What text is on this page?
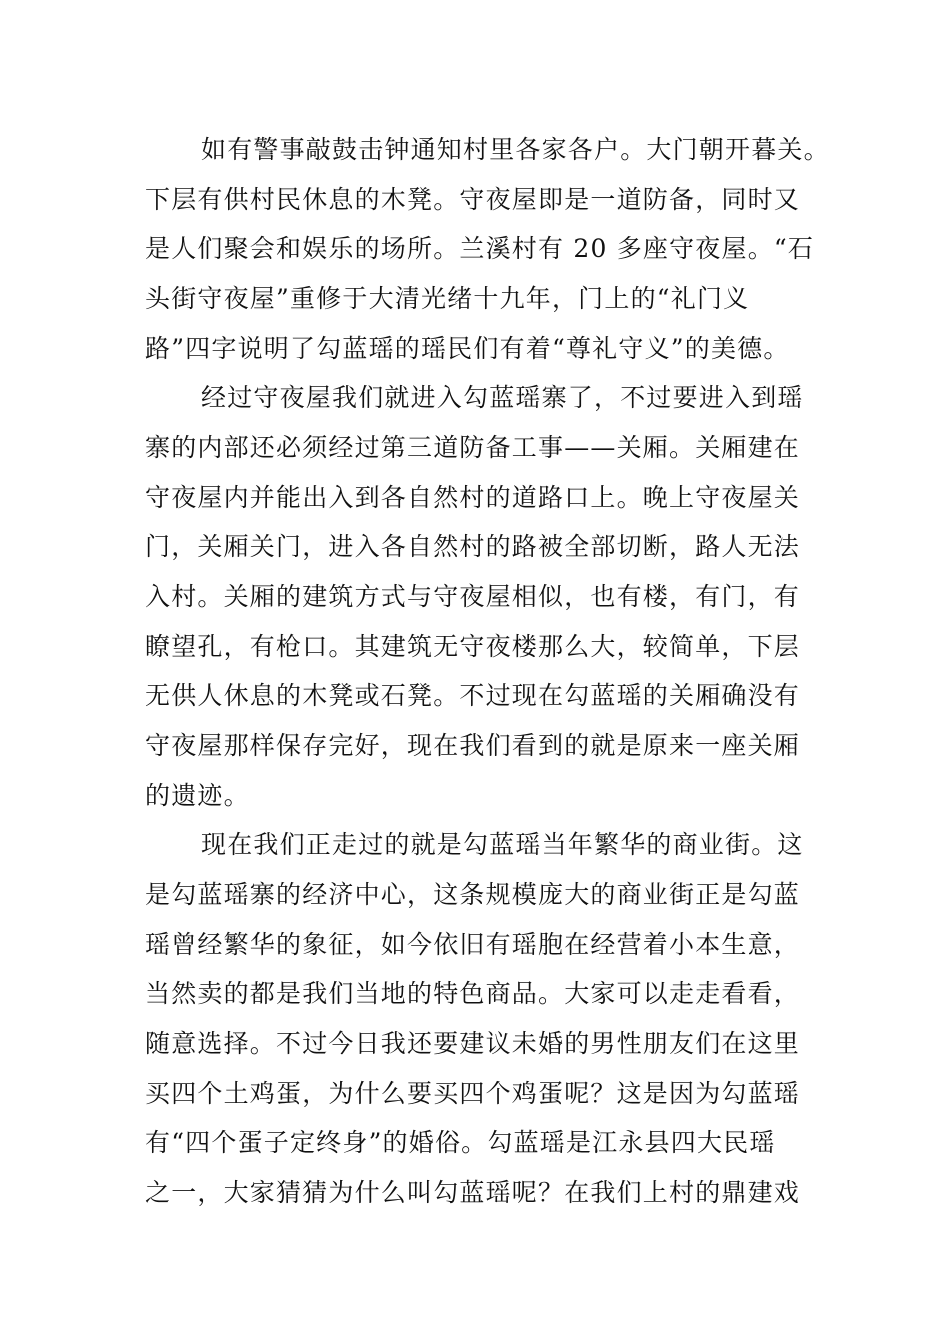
如有警事敲鼓击钟通知村里各家各户。大门朝开暮关。
下层有供村民休息的木凳。守夜屋即是一道防备，同时又
是人们聚会和娱乐的场所。兰溪村有 20 多座守夜屋。“石
头街守夜屋”重修于大清光绪十九年，门上的“礼门义
路”四字说明了勾蓝瑶的瑶民们有着“尊礼守义”的美德。
经过守夜屋我们就进入勾蓝瑶寨了，不过要进入到瑶
寨的内部还必须经过第三道防备工事——关厢。关厢建在
守夜屋内并能出入到各自然村的道路口上。晚上守夜屋关
门，关厢关门，进入各自然村的路被全部切断，路人无法
入村。关厢的建筑方式与守夜屋相似，也有楼，有门，有
瞭望孔，有枪口。其建筑无守夜楼那么大，较简单，下层
无供人休息的木凳或石凳。不过现在勾蓝瑶的关厢确没有
守夜屋那样保存完好，现在我们看到的就是原来一座关厢
的遗迹。
现在我们正走过的就是勾蓝瑶当年繁华的商业街。这
是勾蓝瑶寨的经济中心，这条规模庞大的商业街正是勾蓝
瑶曾经繁华的象征，如今依旧有瑶胞在经营着小本生意，
当然卖的都是我们当地的特色商品。大家可以走走看看，
随意选择。不过今日我还要建议未婚的男性朋友们在这里
买四个土鸡蛋，为什么要买四个鸡蛋呢？这是因为勾蓝瑶
有“四个蛋子定终身”的婚俗。勾蓝瑶是江永县四大民瑶
之一，大家猜猜为什么叫勾蓝瑶呢？在我们上村的鼎建戏
